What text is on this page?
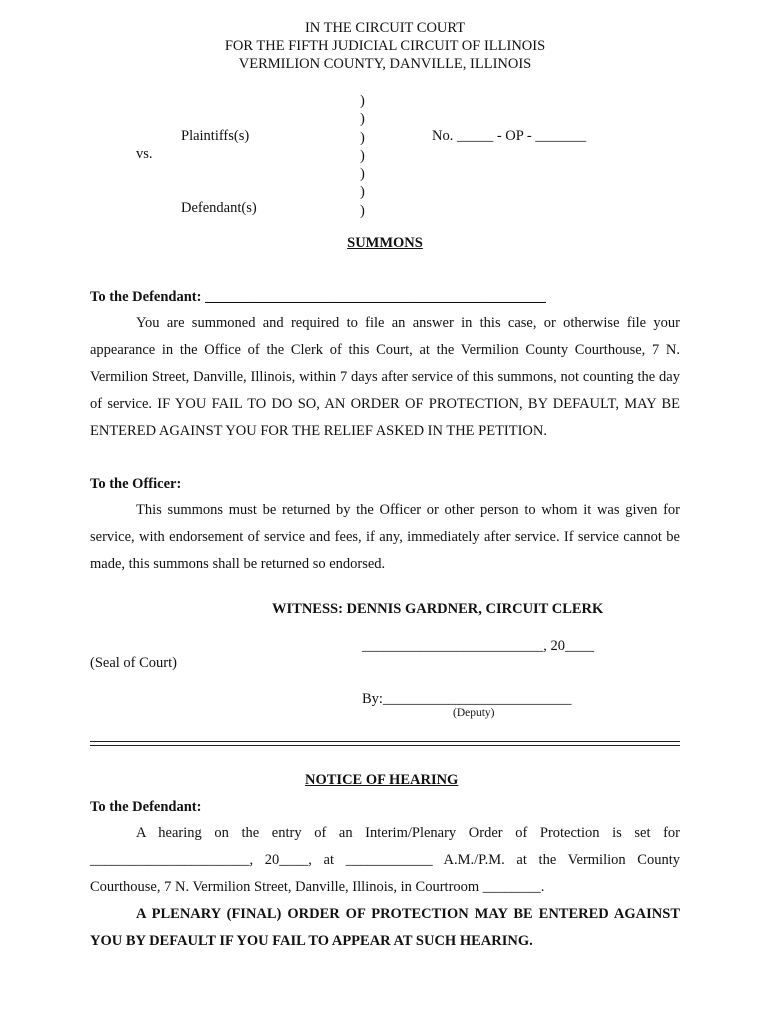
IN THE CIRCUIT COURT
FOR THE FIFTH JUDICIAL CIRCUIT OF ILLINOIS
VERMILION COUNTY, DANVILLE, ILLINOIS
)
)
)
)
)
)
)
Plaintiffs(s)
vs.
Defendant(s)
No. _____ - OP - _______
SUMMONS
To the Defendant: _______________________________________________
You are summoned and required to file an answer in this case, or otherwise file your appearance in the Office of the Clerk of this Court, at the Vermilion County Courthouse, 7 N. Vermilion Street, Danville, Illinois, within 7 days after service of this summons, not counting the day of service. IF YOU FAIL TO DO SO, AN ORDER OF PROTECTION, BY DEFAULT, MAY BE ENTERED AGAINST YOU FOR THE RELIEF ASKED IN THE PETITION.
To the Officer:
This summons must be returned by the Officer or other person to whom it was given for service, with endorsement of service and fees, if any, immediately after service. If service cannot be made, this summons shall be returned so endorsed.
WITNESS: DENNIS GARDNER, CIRCUIT CLERK
_________________________, 20____
(Seal of Court)
By:__________________________
(Deputy)
NOTICE OF HEARING
To the Defendant:
A hearing on the entry of an Interim/Plenary Order of Protection is set for ______________________, 20____, at ____________ A.M./P.M. at the Vermilion County Courthouse, 7 N. Vermilion Street, Danville, Illinois, in Courtroom ________.
A PLENARY (FINAL) ORDER OF PROTECTION MAY BE ENTERED AGAINST YOU BY DEFAULT IF YOU FAIL TO APPEAR AT SUCH HEARING.
